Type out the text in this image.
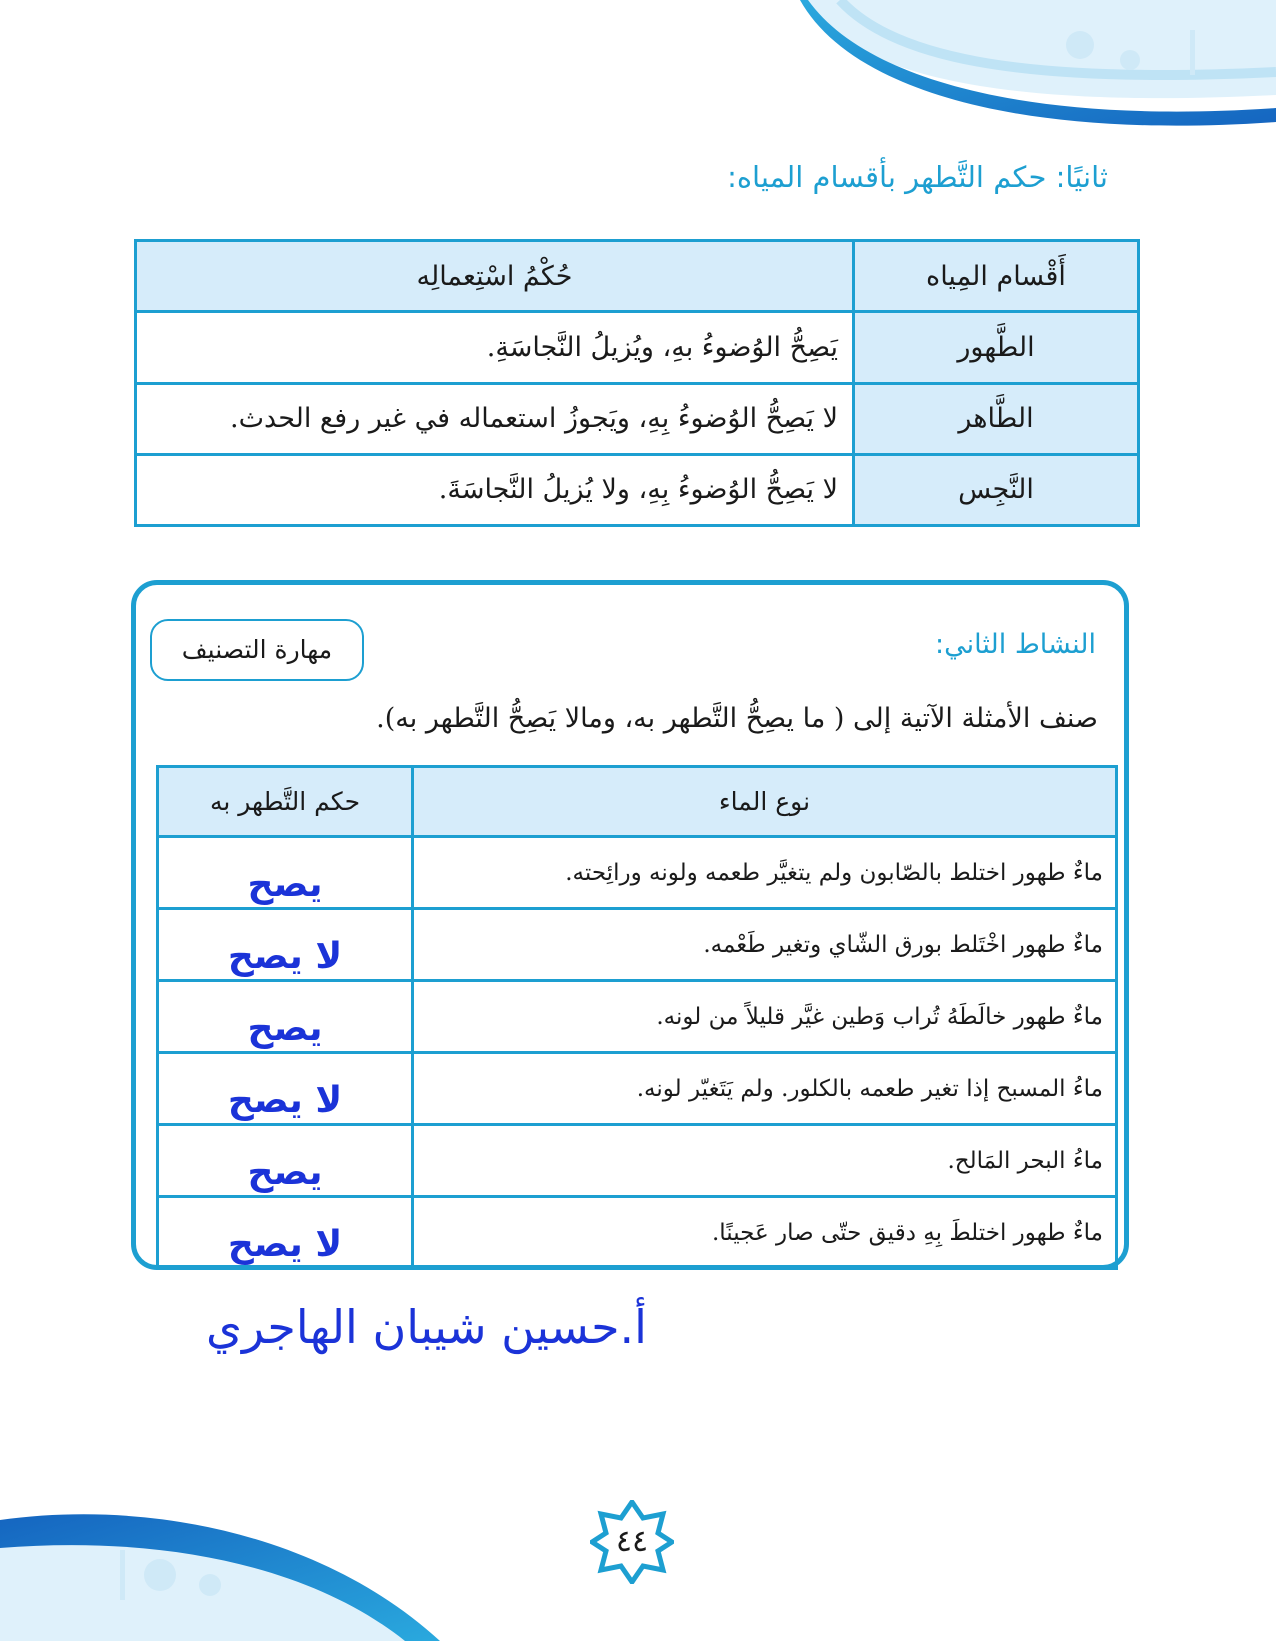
ثانيًا: حكم التَّطهر بأقسام المياه:
أَقْسام المِياه	حُكْمُ اسْتِعمالِه
الطَّهور	يَصِحُّ الوُضوءُ بهِ، ويُزيلُ النَّجاسَةِ.
الطَّاهر	لا يَصِحُّ الوُضوءُ بِهِ، ويَجوزُ استعماله في غير رفع الحدث.
النَّجِس	لا يَصِحُّ الوُضوءُ بِهِ، ولا يُزيلُ النَّجاسَةَ.
النشاط الثاني:
مهارة التصنيف
صنف الأمثلة الآتية إلى ( ما يصِحُّ التَّطهر به، ومالا يَصِحُّ التَّطهر به).
نوع الماء	حكم التَّطهر به
ماءٌ طهور اختلط بالصّابون ولم يتغيَّر طعمه ولونه ورائِحته.	يصح
ماءٌ طهور اخْتَلط بورق الشّاي وتغير طَعْمه.	لا يصح
ماءٌ طهور خالَطَهُ تُراب وَطين غيَّر قليلاً من لونه.	يصح
ماءُ المسبح إذا تغير طعمه بالكلور. ولم يَتَغيّر لونه.	لا يصح
ماءُ البحر المَالح.	يصح
ماءٌ طهور اختلطَ بِهِ دقيق حتّى صار عَجينًا.	لا يصح
أ.حسين شيبان الهاجري
٤٤
